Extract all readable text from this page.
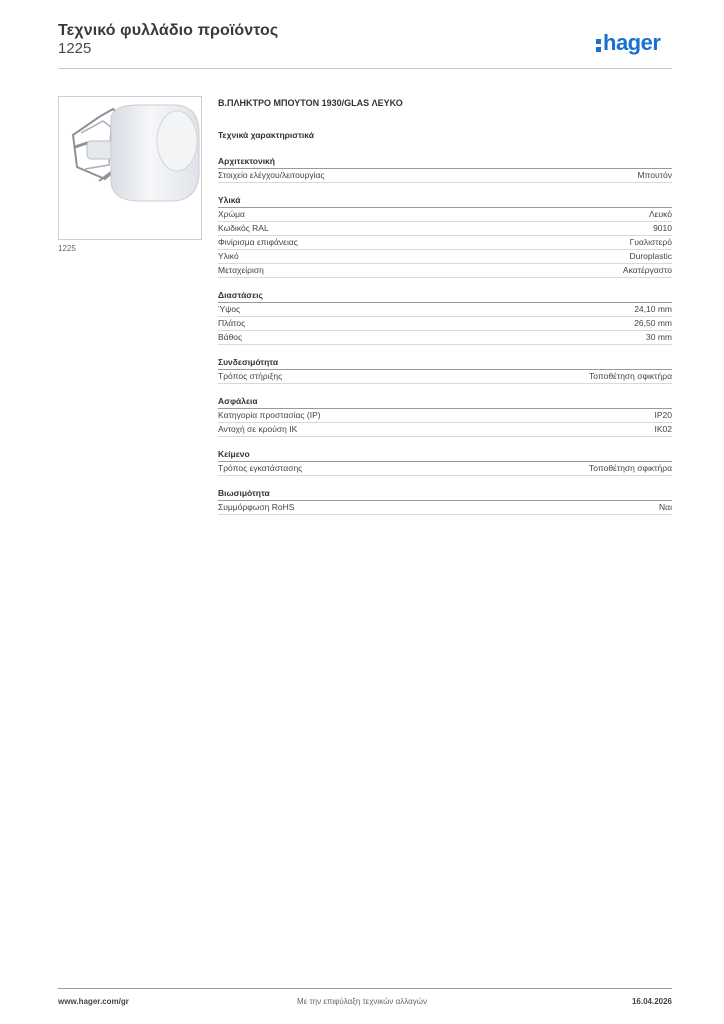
Τεχνικό φυλλάδιο προϊόντος
1225	hager
1225
Β.ΠΛΗΚΤΡΟ ΜΠΟΥΤΟΝ 1930/GLAS ΛΕΥΚΟ
Τεχνικά χαρακτηριστικά
Αρχιτεκτονική
Στοιχείο ελέγχου/λειτουργίας	Μπουτόν
Υλικά
Χρώμα	Λευκό
Κωδικός RAL	9010
Φινίρισμα επιφάνειας	Γυαλιστερό
Υλικό	Duroplastic
Μεταχείριση	Ακατέργαστο
Διαστάσεις
Ύψος	24,10 mm
Πλάτος	26,50 mm
Βάθος	30 mm
Συνδεσιμότητα
Τρόπος στήριξης	Τοποθέτηση σφικτήρα
Ασφάλεια
Κατηγορία προστασίας (IP)	IP20
Αντοχή σε κρούση IK	IK02
Κείμενο
Τρόπος εγκατάστασης	Τοποθέτηση σφικτήρα
Βιωσιμότητα
Συμμόρφωση RoHS	Ναι
www.hager.com/gr	Με την επιφύλαξη τεχνικών αλλαγών	16.04.2026
